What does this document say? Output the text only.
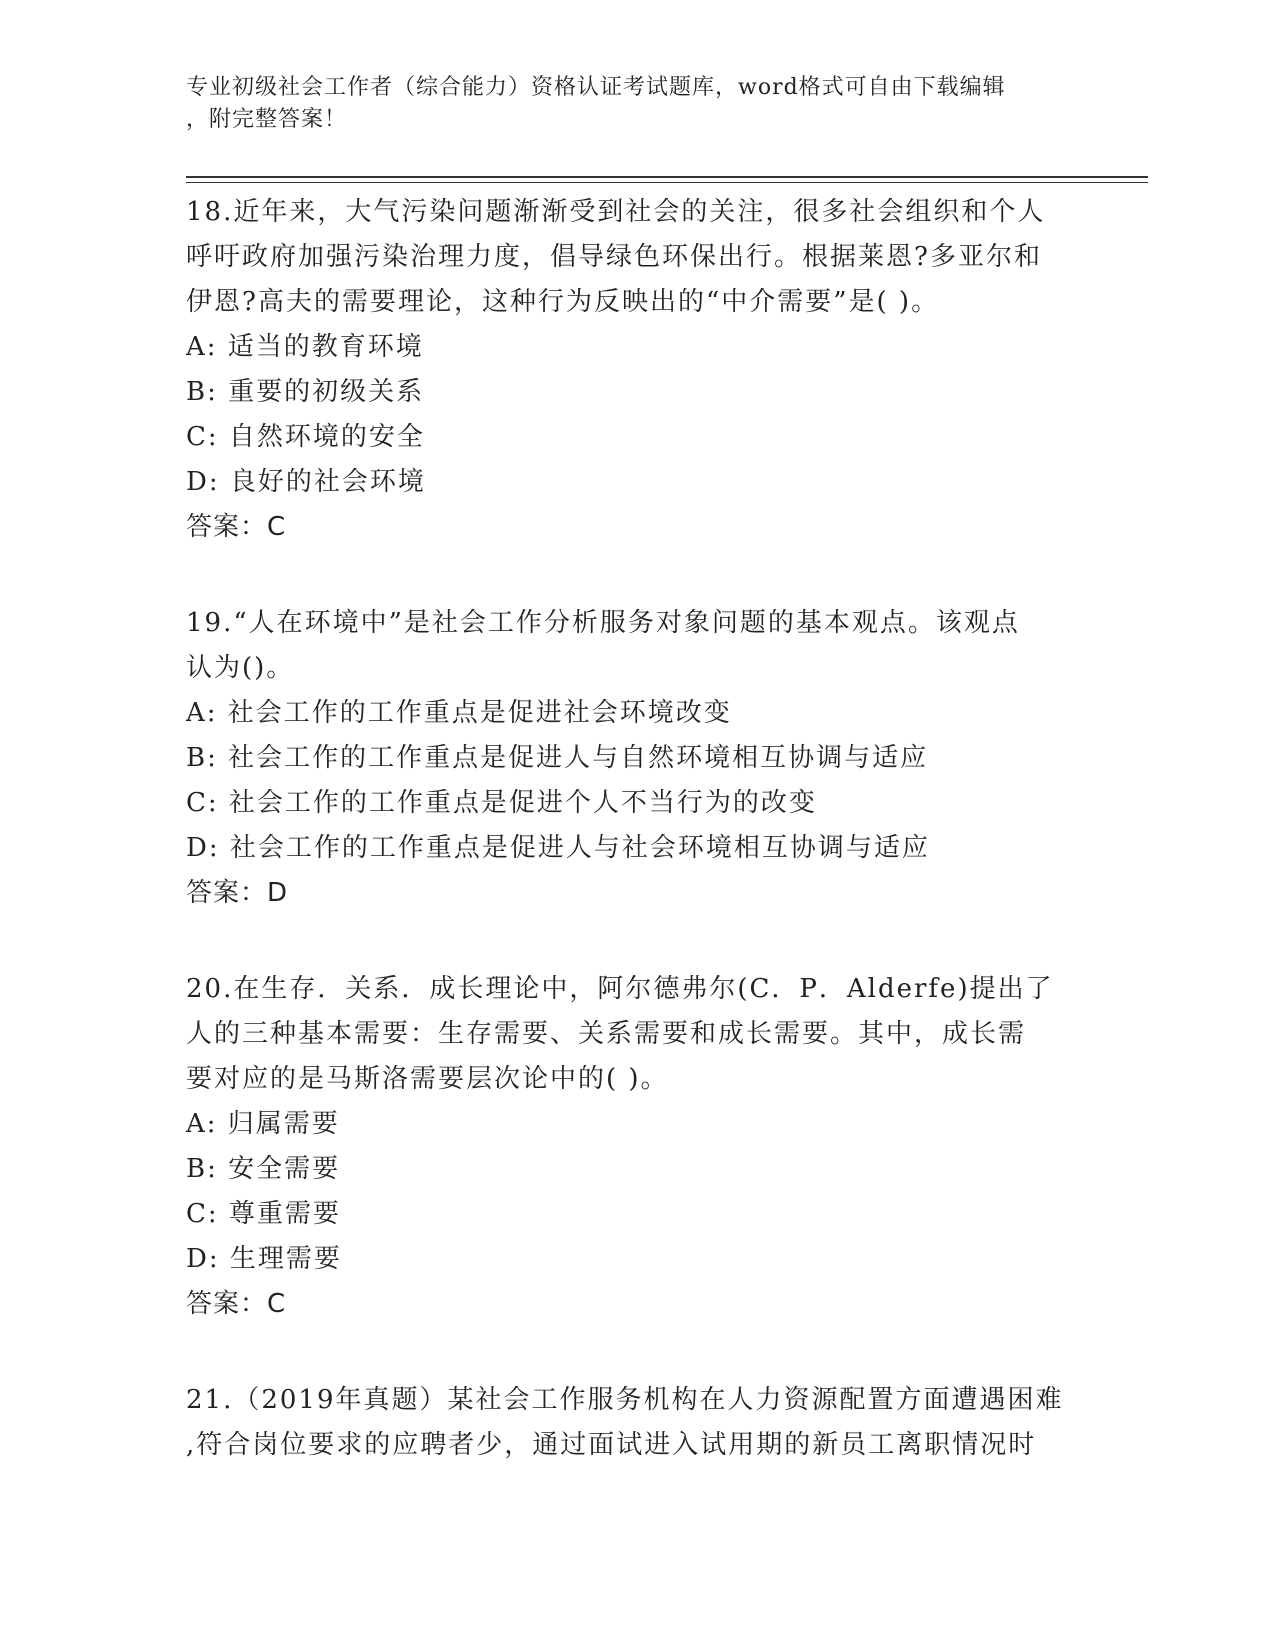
专业初级社会工作者（综合能力）资格认证考试题库，word格式可自由下载编辑
，附完整答案！

18.近年来，大气污染问题渐渐受到社会的关注，很多社会组织和个人

呼吁政府加强污染治理力度，倡导绿色环保出行。根据莱恩?多亚尔和

伊恩?高夫的需要理论，这种行为反映出的“中介需要”是( )。

A: 适当的教育环境

B: 重要的初级关系

C: 自然环境的安全

D: 良好的社会环境

答案：C

19.“人在环境中”是社会工作分析服务对象问题的基本观点。该观点

认为()。

A: 社会工作的工作重点是促进社会环境改变

B: 社会工作的工作重点是促进人与自然环境相互协调与适应

C: 社会工作的工作重点是促进个人不当行为的改变

D: 社会工作的工作重点是促进人与社会环境相互协调与适应

答案：D

20.在生存．关系．成长理论中，阿尔德弗尔(C．P．Alderfe)提出了

人的三种基本需要：生存需要、关系需要和成长需要。其中，成长需

要对应的是马斯洛需要层次论中的( )。

A: 归属需要

B: 安全需要

C: 尊重需要

D: 生理需要

答案：C

21.（2019年真题）某社会工作服务机构在人力资源配置方面遭遇困难

,符合岗位要求的应聘者少，通过面试进入试用期的新员工离职情况时
